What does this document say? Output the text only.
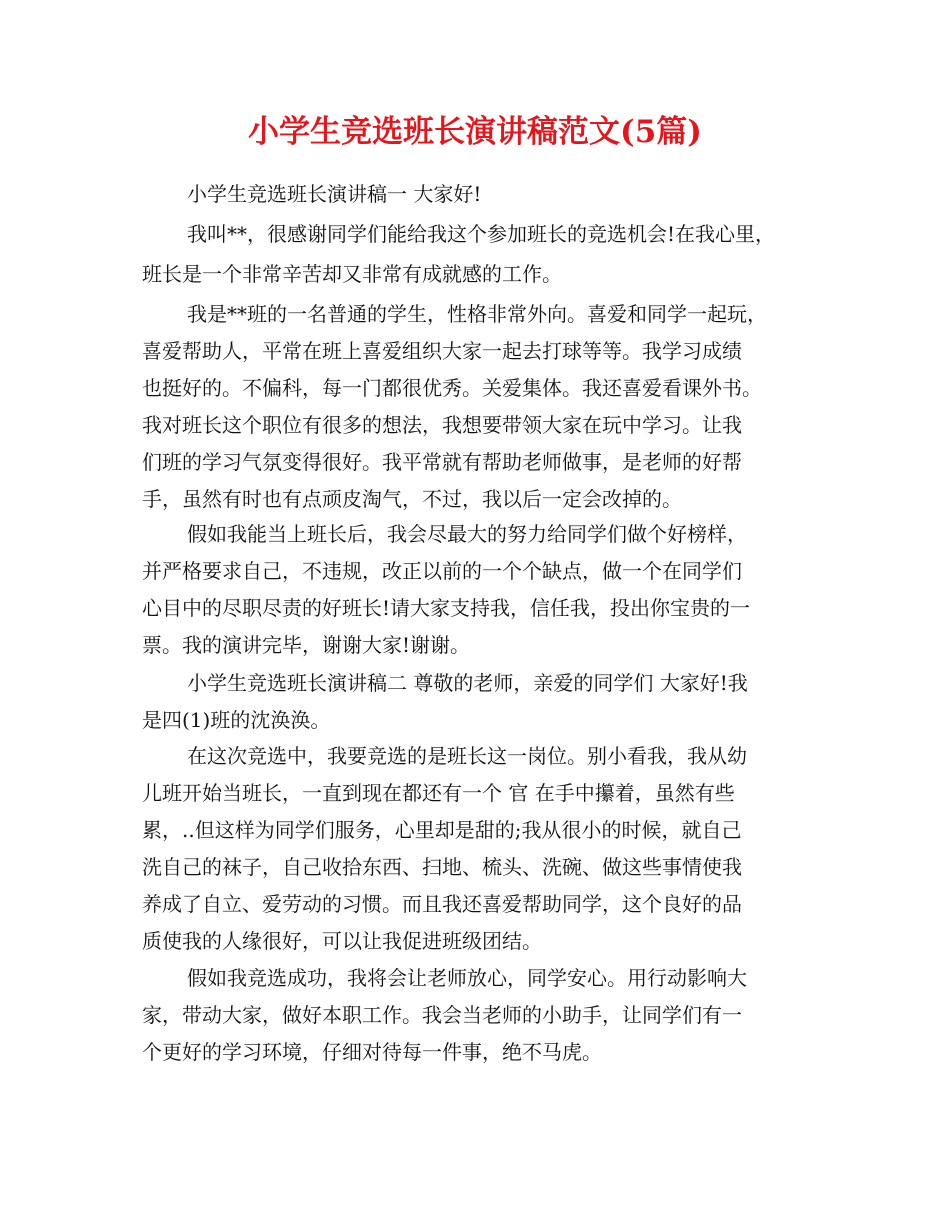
小学生竞选班长演讲稿范文(5篇)
小学生竞选班长演讲稿一 大家好!
我叫**，很感谢同学们能给我这个参加班长的竞选机会!在我心里，
班长是一个非常辛苦却又非常有成就感的工作。
我是**班的一名普通的学生，性格非常外向。喜爱和同学一起玩，
喜爱帮助人，平常在班上喜爱组织大家一起去打球等等。我学习成绩
也挺好的。不偏科，每一门都很优秀。关爱集体。我还喜爱看课外书。
我对班长这个职位有很多的想法，我想要带领大家在玩中学习。让我
们班的学习气氛变得很好。我平常就有帮助老师做事，是老师的好帮
手，虽然有时也有点顽皮淘气，不过，我以后一定会改掉的。
假如我能当上班长后，我会尽最大的努力给同学们做个好榜样，
并严格要求自己，不违规，改正以前的一个个缺点，做一个在同学们
心目中的尽职尽责的好班长!请大家支持我，信任我，投出你宝贵的一
票。我的演讲完毕，谢谢大家!谢谢。
小学生竞选班长演讲稿二 尊敬的老师，亲爱的同学们 大家好!我
是四(1)班的沈涣涣。
在这次竞选中，我要竞选的是班长这一岗位。别小看我，我从幼
儿班开始当班长，一直到现在都还有一个 官 在手中攥着，虽然有些
累，..但这样为同学们服务，心里却是甜的;我从很小的时候，就自己
洗自己的袜子，自己收拾东西、扫地、梳头、洗碗、做这些事情使我
养成了自立、爱劳动的习惯。而且我还喜爱帮助同学，这个良好的品
质使我的人缘很好，可以让我促进班级团结。
假如我竞选成功，我将会让老师放心，同学安心。用行动影响大
家，带动大家，做好本职工作。我会当老师的小助手，让同学们有一
个更好的学习环境，仔细对待每一件事，绝不马虎。
